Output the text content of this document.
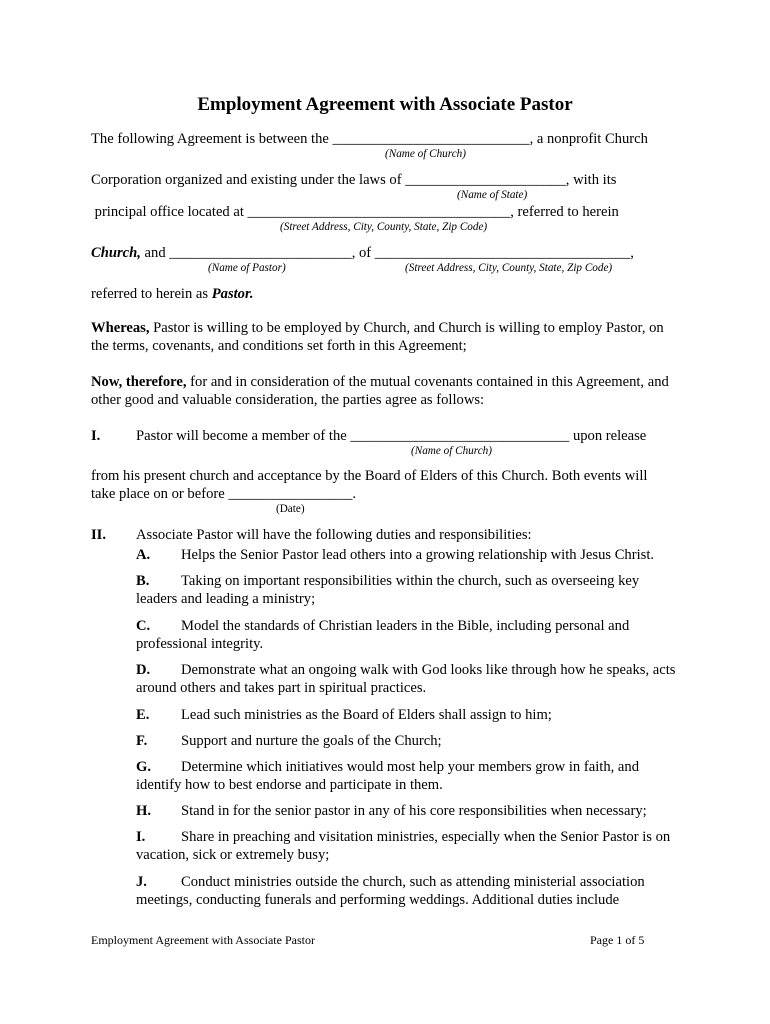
Employment Agreement with Associate Pastor
The following Agreement is between the ___________________________, a nonprofit Church
(Name of Church)
Corporation organized and existing under the laws of ______________________, with its
(Name of State)
principal office located at ____________________________________, referred to herein
(Street Address, City, County, State, Zip Code)
Church, and _________________________, of ___________________________________,
(Name of Pastor)	(Street Address, City, County, State, Zip Code)
referred to herein as Pastor.
Whereas, Pastor is willing to be employed by Church, and Church is willing to employ Pastor, on the terms, covenants, and conditions set forth in this Agreement;
Now, therefore, for and in consideration of the mutual covenants contained in this Agreement, and other good and valuable consideration, the parties agree as follows:
I. Pastor will become a member of the ______________________________ upon release
(Name of Church)
from his present church and acceptance by the Board of Elders of this Church. Both events will
take place on or before _________________.
(Date)
II. Associate Pastor will have the following duties and responsibilities:
A. Helps the Senior Pastor lead others into a growing relationship with Jesus Christ.
B. Taking on important responsibilities within the church, such as overseeing key leaders and leading a ministry;
C. Model the standards of Christian leaders in the Bible, including personal and professional integrity.
D. Demonstrate what an ongoing walk with God looks like through how he speaks, acts around others and takes part in spiritual practices.
E. Lead such ministries as the Board of Elders shall assign to him;
F. Support and nurture the goals of the Church;
G. Determine which initiatives would most help your members grow in faith, and identify how to best endorse and participate in them.
H. Stand in for the senior pastor in any of his core responsibilities when necessary;
I. Share in preaching and visitation ministries, especially when the Senior Pastor is on vacation, sick or extremely busy;
J. Conduct ministries outside the church, such as attending ministerial association meetings, conducting funerals and performing weddings. Additional duties include
Employment Agreement with Associate Pastor	Page 1 of 5
